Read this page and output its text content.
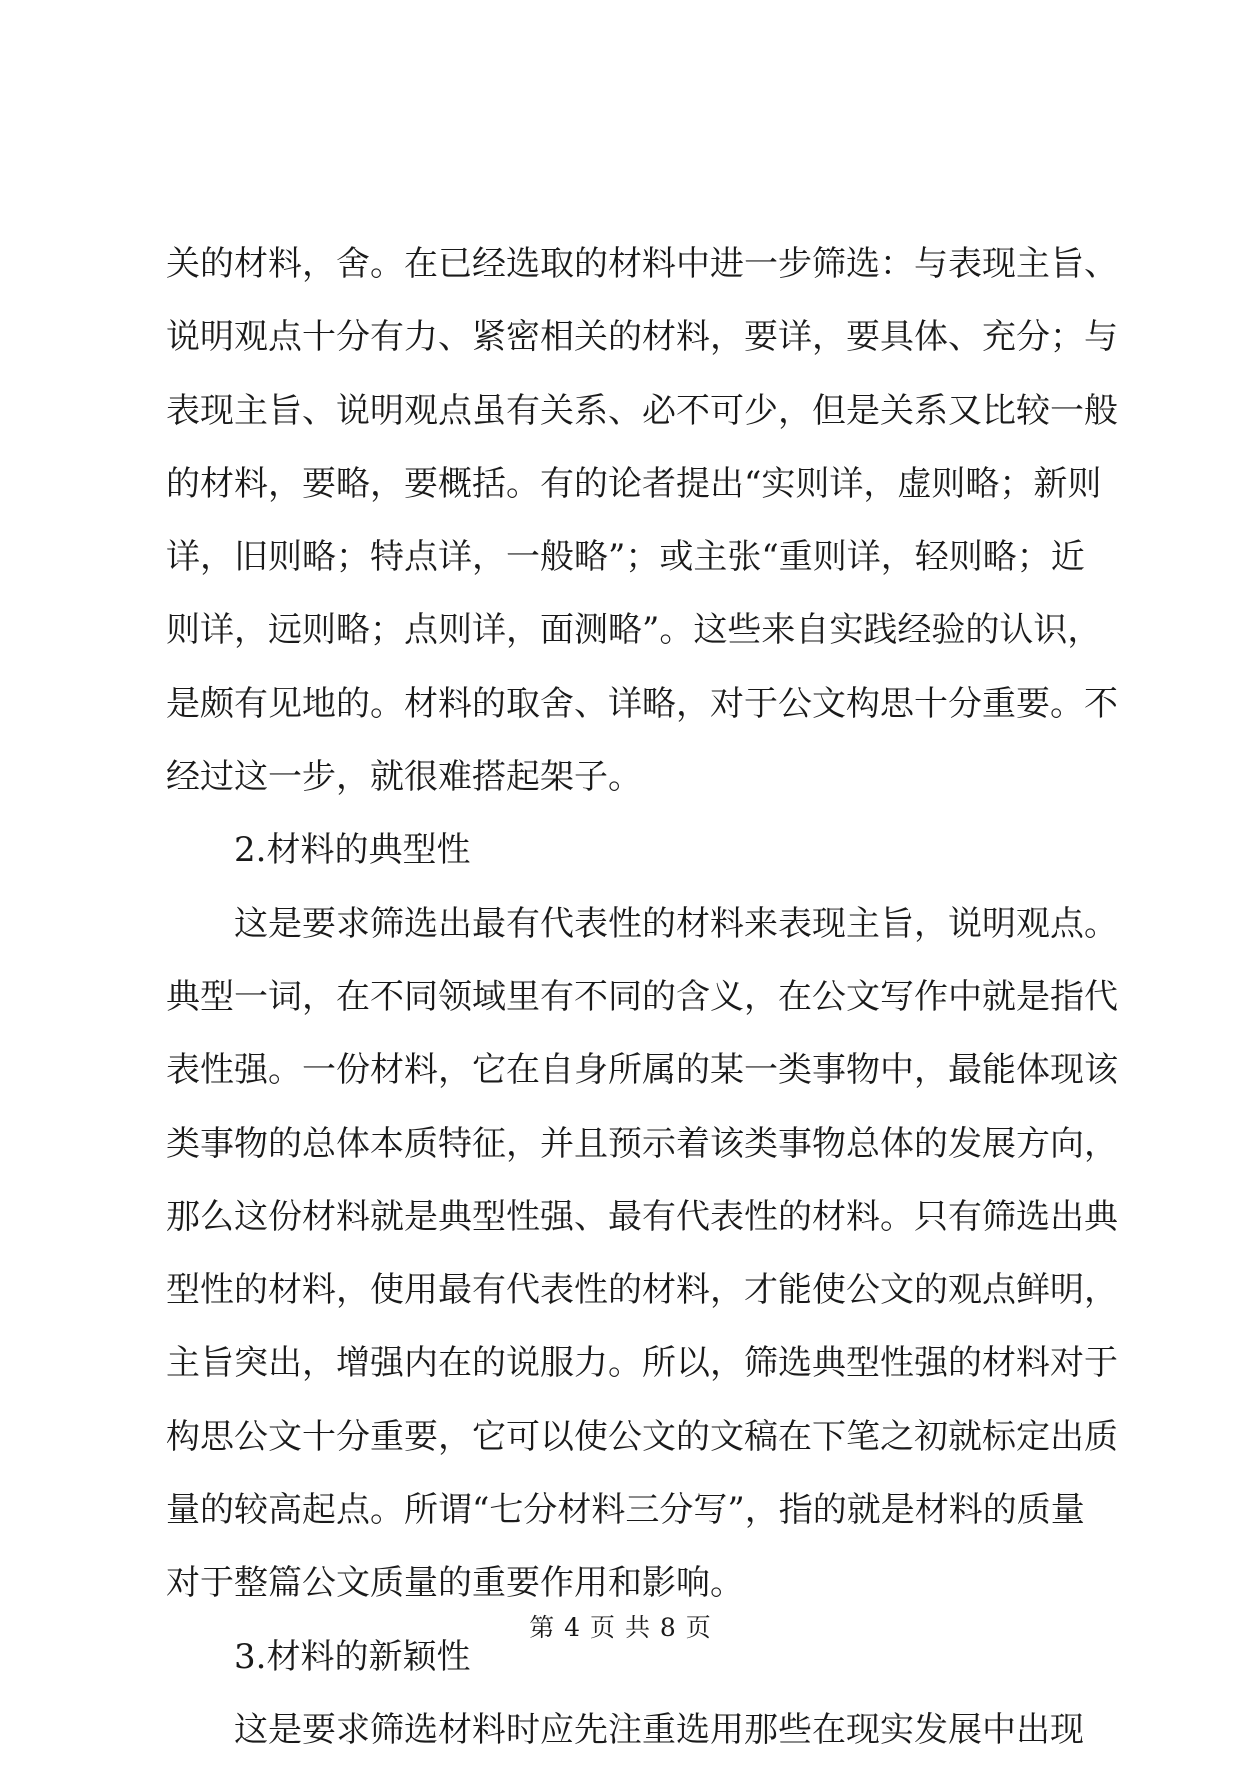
关的材料，舍。在已经选取的材料中进一步筛选：与表现主旨、
说明观点十分有力、紧密相关的材料，要详，要具体、充分；与
表现主旨、说明观点虽有关系、必不可少，但是关系又比较一般
的材料，要略，要概括。有的论者提出“实则详，虚则略；新则
详，旧则略；特点详，一般略”；或主张“重则详，轻则略；近
则详，远则略；点则详，面测略”。这些来自实践经验的认识，
是颇有见地的。材料的取舍、详略，对于公文构思十分重要。不
经过这一步，就很难搭起架子。
2.材料的典型性
这是要求筛选出最有代表性的材料来表现主旨，说明观点。
典型一词，在不同领域里有不同的含义，在公文写作中就是指代
表性强。一份材料，它在自身所属的某一类事物中，最能体现该
类事物的总体本质特征，并且预示着该类事物总体的发展方向，
那么这份材料就是典型性强、最有代表性的材料。只有筛选出典
型性的材料，使用最有代表性的材料，才能使公文的观点鲜明，
主旨突出，增强内在的说服力。所以，筛选典型性强的材料对于
构思公文十分重要，它可以使公文的文稿在下笔之初就标定出质
量的较高起点。所谓“七分材料三分写”，指的就是材料的质量
对于整篇公文质量的重要作用和影响。
3.材料的新颖性
这是要求筛选材料时应先注重选用那些在现实发展中出现
第 4 页 共 8 页
